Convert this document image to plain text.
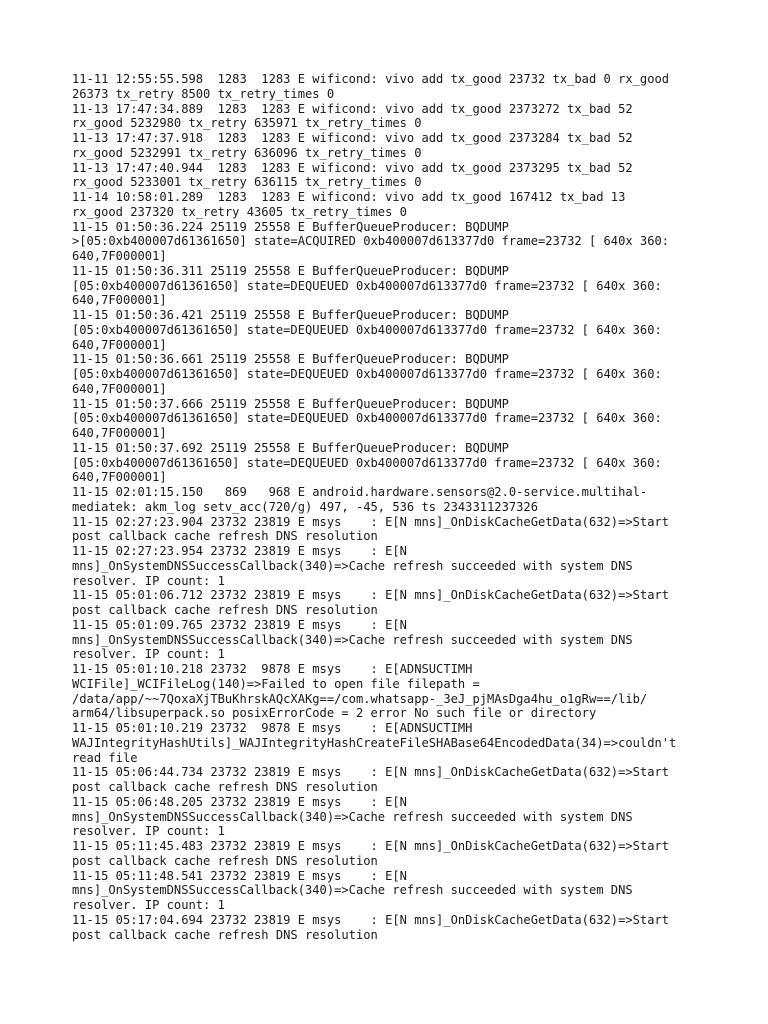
11-11 12:55:55.598  1283  1283 E wificond: vivo add tx_good 23732 tx_bad 0 rx_good
26373 tx_retry 8500 tx_retry_times 0
11-13 17:47:34.889  1283  1283 E wificond: vivo add tx_good 2373272 tx_bad 52
rx_good 5232980 tx_retry 635971 tx_retry_times 0
11-13 17:47:37.918  1283  1283 E wificond: vivo add tx_good 2373284 tx_bad 52
rx_good 5232991 tx_retry 636096 tx_retry_times 0
11-13 17:47:40.944  1283  1283 E wificond: vivo add tx_good 2373295 tx_bad 52
rx_good 5233001 tx_retry 636115 tx_retry_times 0
11-14 10:58:01.289  1283  1283 E wificond: vivo add tx_good 167412 tx_bad 13
rx_good 237320 tx_retry 43605 tx_retry_times 0
11-15 01:50:36.224 25119 25558 E BufferQueueProducer: BQDUMP
>[05:0xb400007d61361650] state=ACQUIRED 0xb400007d613377d0 frame=23732 [ 640x 360:
640,7F000001]
11-15 01:50:36.311 25119 25558 E BufferQueueProducer: BQDUMP
[05:0xb400007d61361650] state=DEQUEUED 0xb400007d613377d0 frame=23732 [ 640x 360:
640,7F000001]
11-15 01:50:36.421 25119 25558 E BufferQueueProducer: BQDUMP
[05:0xb400007d61361650] state=DEQUEUED 0xb400007d613377d0 frame=23732 [ 640x 360:
640,7F000001]
11-15 01:50:36.661 25119 25558 E BufferQueueProducer: BQDUMP
[05:0xb400007d61361650] state=DEQUEUED 0xb400007d613377d0 frame=23732 [ 640x 360:
640,7F000001]
11-15 01:50:37.666 25119 25558 E BufferQueueProducer: BQDUMP
[05:0xb400007d61361650] state=DEQUEUED 0xb400007d613377d0 frame=23732 [ 640x 360:
640,7F000001]
11-15 01:50:37.692 25119 25558 E BufferQueueProducer: BQDUMP
[05:0xb400007d61361650] state=DEQUEUED 0xb400007d613377d0 frame=23732 [ 640x 360:
640,7F000001]
11-15 02:01:15.150   869   968 E android.hardware.sensors@2.0-service.multihal-
mediatek: akm_log setv_acc(720/g) 497, -45, 536 ts 2343311237326
11-15 02:27:23.904 23732 23819 E msys    : E[N mns]_OnDiskCacheGetData(632)=>Start
post callback cache refresh DNS resolution
11-15 02:27:23.954 23732 23819 E msys    : E[N
mns]_OnSystemDNSSuccessCallback(340)=>Cache refresh succeeded with system DNS
resolver. IP count: 1
11-15 05:01:06.712 23732 23819 E msys    : E[N mns]_OnDiskCacheGetData(632)=>Start
post callback cache refresh DNS resolution
11-15 05:01:09.765 23732 23819 E msys    : E[N
mns]_OnSystemDNSSuccessCallback(340)=>Cache refresh succeeded with system DNS
resolver. IP count: 1
11-15 05:01:10.218 23732  9878 E msys    : E[ADNSUCTIMH
WCIFile]_WCIFileLog(140)=>Failed to open file filepath =
/data/app/~~7QoxaXjTBuKhrskAQcXAKg==/com.whatsapp-_3eJ_pjMAsDga4hu_o1gRw==/lib/
arm64/libsuperpack.so posixErrorCode = 2 error No such file or directory
11-15 05:01:10.219 23732  9878 E msys    : E[ADNSUCTIMH
WAJIntegrityHashUtils]_WAJIntegrityHashCreateFileSHABase64EncodedData(34)=>couldn't
read file
11-15 05:06:44.734 23732 23819 E msys    : E[N mns]_OnDiskCacheGetData(632)=>Start
post callback cache refresh DNS resolution
11-15 05:06:48.205 23732 23819 E msys    : E[N
mns]_OnSystemDNSSuccessCallback(340)=>Cache refresh succeeded with system DNS
resolver. IP count: 1
11-15 05:11:45.483 23732 23819 E msys    : E[N mns]_OnDiskCacheGetData(632)=>Start
post callback cache refresh DNS resolution
11-15 05:11:48.541 23732 23819 E msys    : E[N
mns]_OnSystemDNSSuccessCallback(340)=>Cache refresh succeeded with system DNS
resolver. IP count: 1
11-15 05:17:04.694 23732 23819 E msys    : E[N mns]_OnDiskCacheGetData(632)=>Start
post callback cache refresh DNS resolution
